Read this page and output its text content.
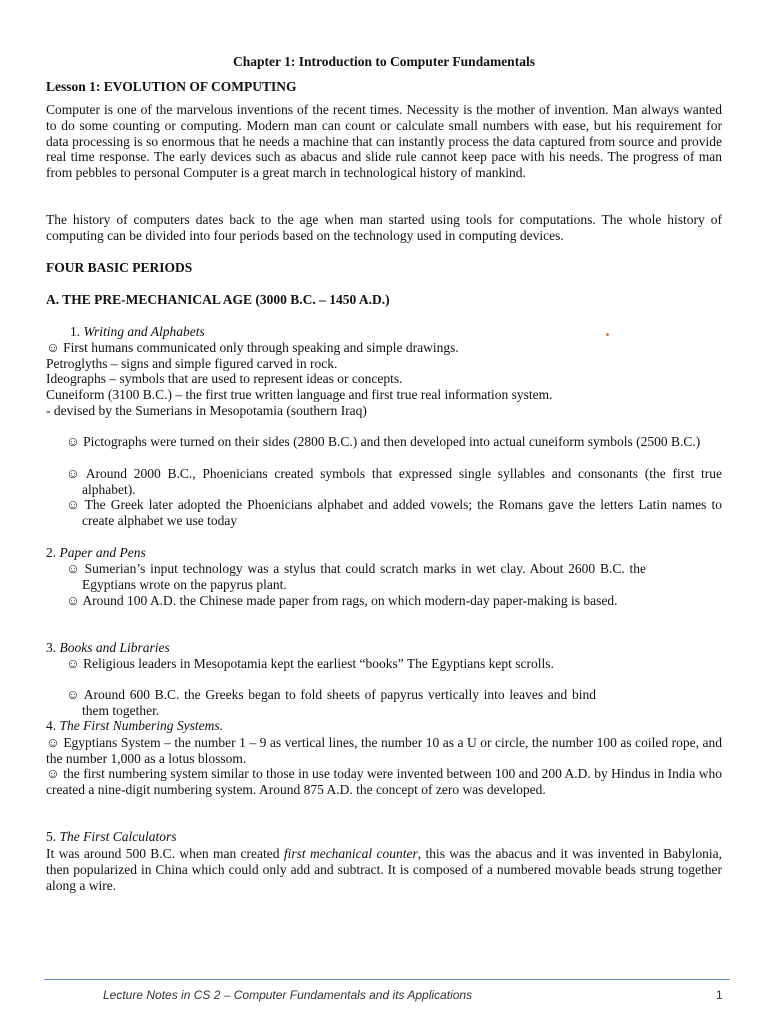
Chapter 1: Introduction to Computer Fundamentals
Lesson 1: EVOLUTION OF COMPUTING
Computer is one of the marvelous inventions of the recent times. Necessity is the mother of invention. Man always wanted to do some counting or computing. Modern man can count or calculate small numbers with ease, but his requirement for data processing is so enormous that he needs a machine that can instantly process the data captured from source and provide real time response. The early devices such as abacus and slide rule cannot keep pace with his needs. The progress of man from pebbles to personal Computer is a great march in technological history of mankind.
The history of computers dates back to the age when man started using tools for computations. The whole history of computing can be divided into four periods based on the technology used in computing devices.
FOUR BASIC PERIODS
A. THE PRE-MECHANICAL AGE (3000 B.C. – 1450 A.D.)
1. Writing and Alphabets
☺ First humans communicated only through speaking and simple drawings.
Petroglyths – signs and simple figured carved in rock.
Ideographs – symbols that are used to represent ideas or concepts.
Cuneiform (3100 B.C.) – the first true written language and first true real information system.
- devised by the Sumerians in Mesopotamia (southern Iraq)
☺ Pictographs were turned on their sides (2800 B.C.) and then developed into actual cuneiform symbols (2500 B.C.)
☺ Around 2000 B.C., Phoenicians created symbols that expressed single syllables and consonants (the first true alphabet).
☺ The Greek later adopted the Phoenicians alphabet and added vowels; the Romans gave the letters Latin names to create alphabet we use today
2. Paper and Pens
☺ Sumerian’s input technology was a stylus that could scratch marks in wet clay. About 2600 B.C. the Egyptians wrote on the papyrus plant.
☺ Around 100 A.D. the Chinese made paper from rags, on which modern-day paper-making is based.
3. Books and Libraries
☺ Religious leaders in Mesopotamia kept the earliest “books” The Egyptians kept scrolls.
☺ Around 600 B.C. the Greeks began to fold sheets of papyrus vertically into leaves and bind them together.
4. The First Numbering Systems.
☺ Egyptians System – the number 1 – 9 as vertical lines, the number 10 as a U or circle, the number 100 as coiled rope, and the number 1,000 as a lotus blossom.
☺ the first numbering system similar to those in use today were invented between 100 and 200 A.D. by Hindus in India who created a nine-digit numbering system. Around 875 A.D. the concept of zero was developed.
5. The First Calculators
It was around 500 B.C. when man created first mechanical counter, this was the abacus and it was invented in Babylonia, then popularized in China which could only add and subtract. It is composed of a numbered movable beads strung together along a wire.
Lecture Notes in CS 2 – Computer Fundamentals and its Applications	1
